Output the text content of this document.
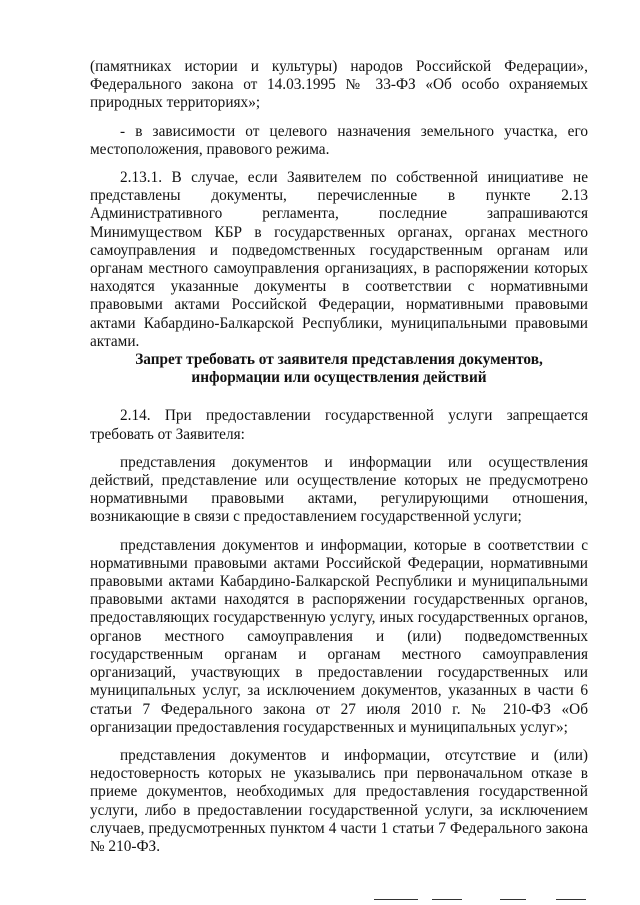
(памятниках истории и культуры) народов Российской Федерации», Федерального закона от 14.03.1995 № 33-ФЗ «Об особо охраняемых природных территориях»;

- в зависимости от целевого назначения земельного участка, его местоположения, правового режима.

2.13.1. В случае, если Заявителем по собственной инициативе не представлены документы, перечисленные в пункте 2.13 Административного регламента, последние запрашиваются Минимуществом КБР в государственных органах, органах местного самоуправления и подведомственных государственным органам или органам местного самоуправления организациях, в распоряжении которых находятся указанные документы в соответствии с нормативными правовыми актами Российской Федерации, нормативными правовыми актами Кабардино-Балкарской Республики, муниципальными правовыми актами.

Запрет требовать от заявителя представления документов, информации или осуществления действий

2.14. При предоставлении государственной услуги запрещается требовать от Заявителя:

представления документов и информации или осуществления действий, представление или осуществление которых не предусмотрено нормативными правовыми актами, регулирующими отношения, возникающие в связи с предоставлением государственной услуги;

представления документов и информации, которые в соответствии с нормативными правовыми актами Российской Федерации, нормативными правовыми актами Кабардино-Балкарской Республики и муниципальными правовыми актами находятся в распоряжении государственных органов, предоставляющих государственную услугу, иных государственных органов, органов местного самоуправления и (или) подведомственных государственным органам и органам местного самоуправления организаций, участвующих в предоставлении государственных или муниципальных услуг, за исключением документов, указанных в части 6 статьи 7 Федерального закона от 27 июля 2010 г. № 210-ФЗ «Об организации предоставления государственных и муниципальных услуг»;

представления документов и информации, отсутствие и (или) недостоверность которых не указывались при первоначальном отказе в приеме документов, необходимых для предоставления государственной услуги, либо в предоставлении государственной услуги, за исключением случаев, предусмотренных пунктом 4 части 1 статьи 7 Федерального закона № 210-ФЗ.
